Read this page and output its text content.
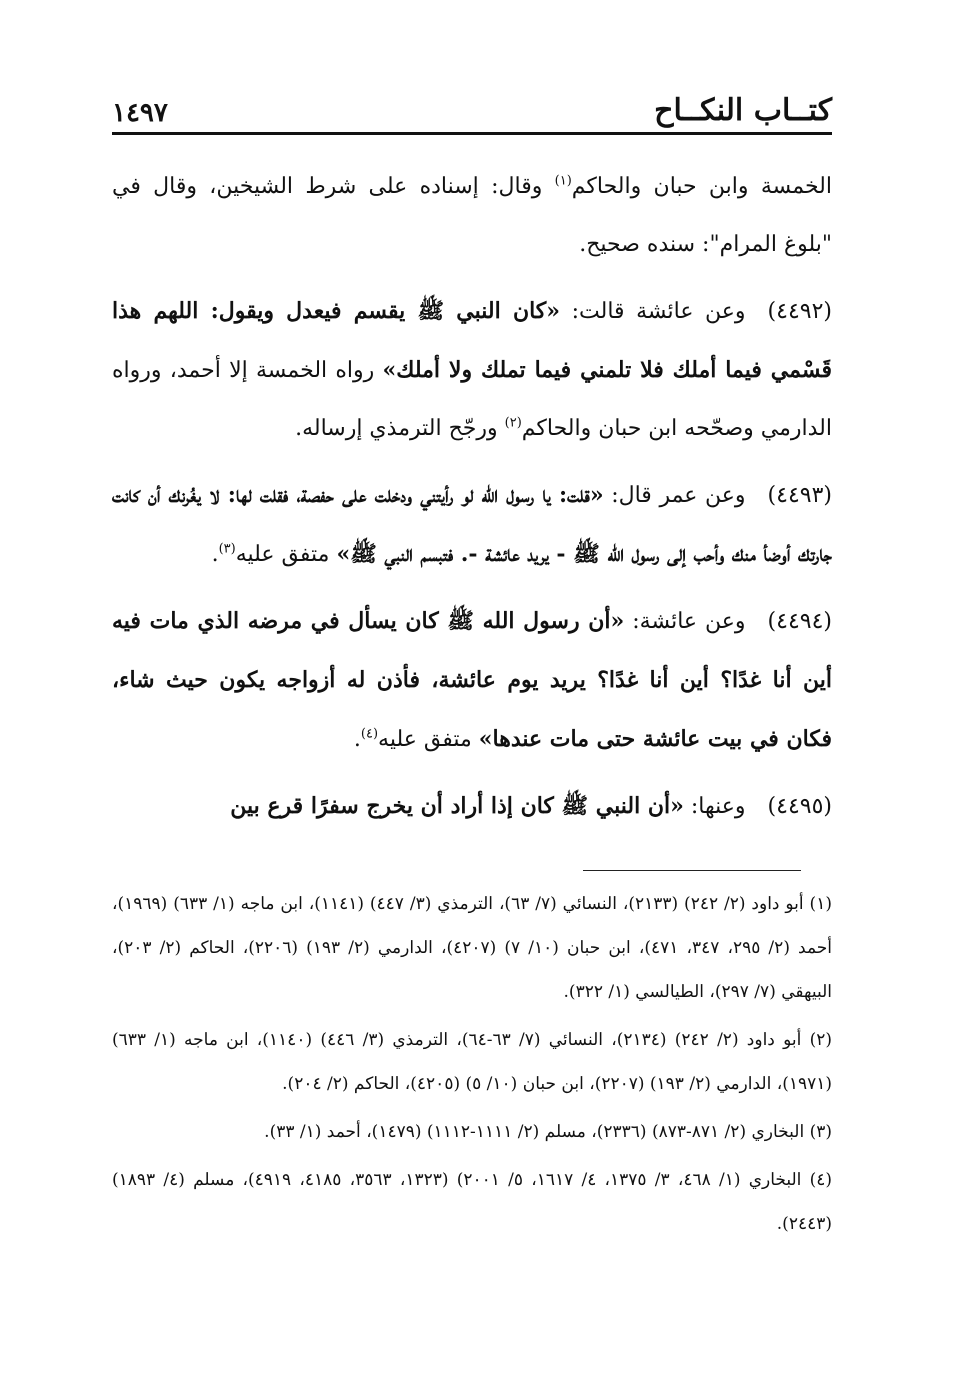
كتــاب النكــاح
١٤٩٧

الخمسة وابن حبان والحاكم$^{(١)}$ وقال: إسناده على شرط الشيخين، وقال في "بلوغ المرام": سنده صحيح.

(٤٤٩٢)وعن عائشة قالت: «كان النبي ﷺ يقسم فيعدل ويقول: اللهم هذا قَسْمي فيما أملك فلا تلمني فيما تملك ولا أملك» رواه الخمسة إلا أحمد، ورواه الدارمي وصحّحه ابن حبان والحاكم$^{(٢)}$ ورجّح الترمذي إرساله.

(٤٤٩٣)وعن عمر قال: «قلت: يا رسول الله لو رأيتني ودخلت على حفصة، فقلت لها: لا يغُرنك أن كانت جارتك أوضأ منك وأحب إلى رسول الله ﷺ - يريد عائشة -. فتبسم النبي ﷺ» متفق عليه$^{(٣)}$.

(٤٤٩٤)وعن عائشة: «أن رسول الله ﷺ كان يسأل في مرضه الذي مات فيه أين أنا غدًا؟ أين أنا غدًا؟ يريد يوم عائشة، فأذن له أزواجه يكون حيث شاء، فكان في بيت عائشة حتى مات عندها» متفق عليه$^{(٤)}$.

(٤٤٩٥)وعنها: «أن النبي ﷺ كان إذا أراد أن يخرج سفرًا قرع بين

(١) أبو داود (٢/ ٢٤٢) (٢١٣٣)، النسائي (٧/ ٦٣)، الترمذي (٣/ ٤٤٧) (١١٤١)، ابن ماجه (١/ ٦٣٣) (١٩٦٩)، أحمد (٢/ ٢٩٥، ٣٤٧، ٤٧١)، ابن حبان (١٠/ ٧) (٤٢٠٧)، الدارمي (٢/ ١٩٣) (٢٢٠٦)، الحاكم (٢/ ٢٠٣)، البيهقي (٧/ ٢٩٧)، الطيالسي (١/ ٣٢٢).

(٢) أبو داود (٢/ ٢٤٢) (٢١٣٤)، النسائي (٧/ ٦٣-٦٤)، الترمذي (٣/ ٤٤٦) (١١٤٠)، ابن ماجه (١/ ٦٣٣) (١٩٧١)، الدارمي (٢/ ١٩٣) (٢٢٠٧)، ابن حبان (١٠/ ٥) (٤٢٠٥)، الحاكم (٢/ ٢٠٤).

(٣) البخاري (٢/ ٨٧١-٨٧٣) (٢٣٣٦)، مسلم (٢/ ١١١١-١١١٢) (١٤٧٩)، أحمد (١/ ٣٣).

(٤) البخاري (١/ ٤٦٨، ٣/ ١٣٧٥، ٤/ ١٦١٧، ٥/ ٢٠٠١) (١٣٢٣، ٣٥٦٣، ٤١٨٥، ٤٩١٩)، مسلم (٤/ ١٨٩٣) (٢٤٤٣).
